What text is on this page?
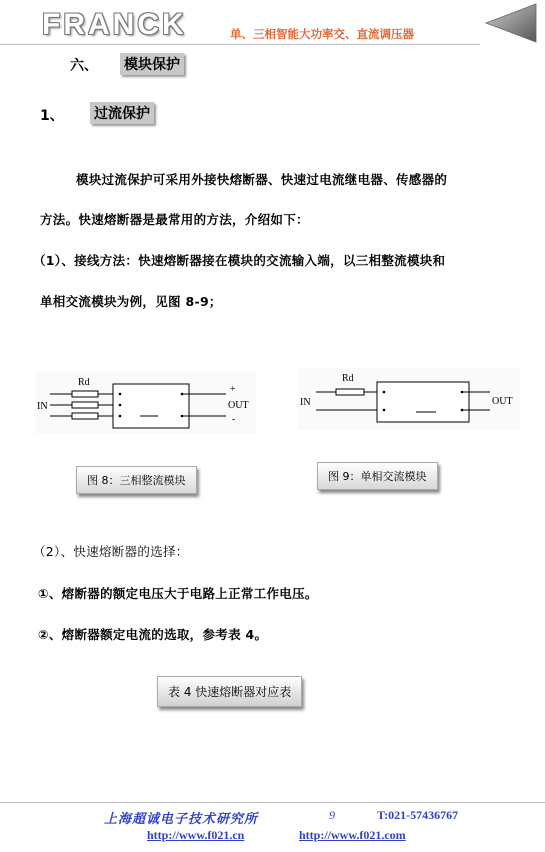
FRANCK	单、三相智能大功率交、直流调压器
六、 模块保护
1、 过流保护
模块过流保护可采用外接快熔断器、快速过电流继电器、传感器的
方法。快速熔断器是最常用的方法，介绍如下：
（1）、接线方法：快速熔断器接在模块的交流输入端，以三相整流模块和
单相交流模块为例，见图 8-9；
Rd
IN	OUT
+
-
Rd
IN	OUT
图 8：三相整流模块	图 9：单相交流模块
（2）、快速熔断器的选择：
①、熔断器的额定电压大于电路上正常工作电压。
②、熔断器额定电流的选取，参考表 4。
表 4 快速熔断器对应表
上海超诚电子技术研究所	9	T:021-57436767
http://www.f021.cn	http://www.f021.com
